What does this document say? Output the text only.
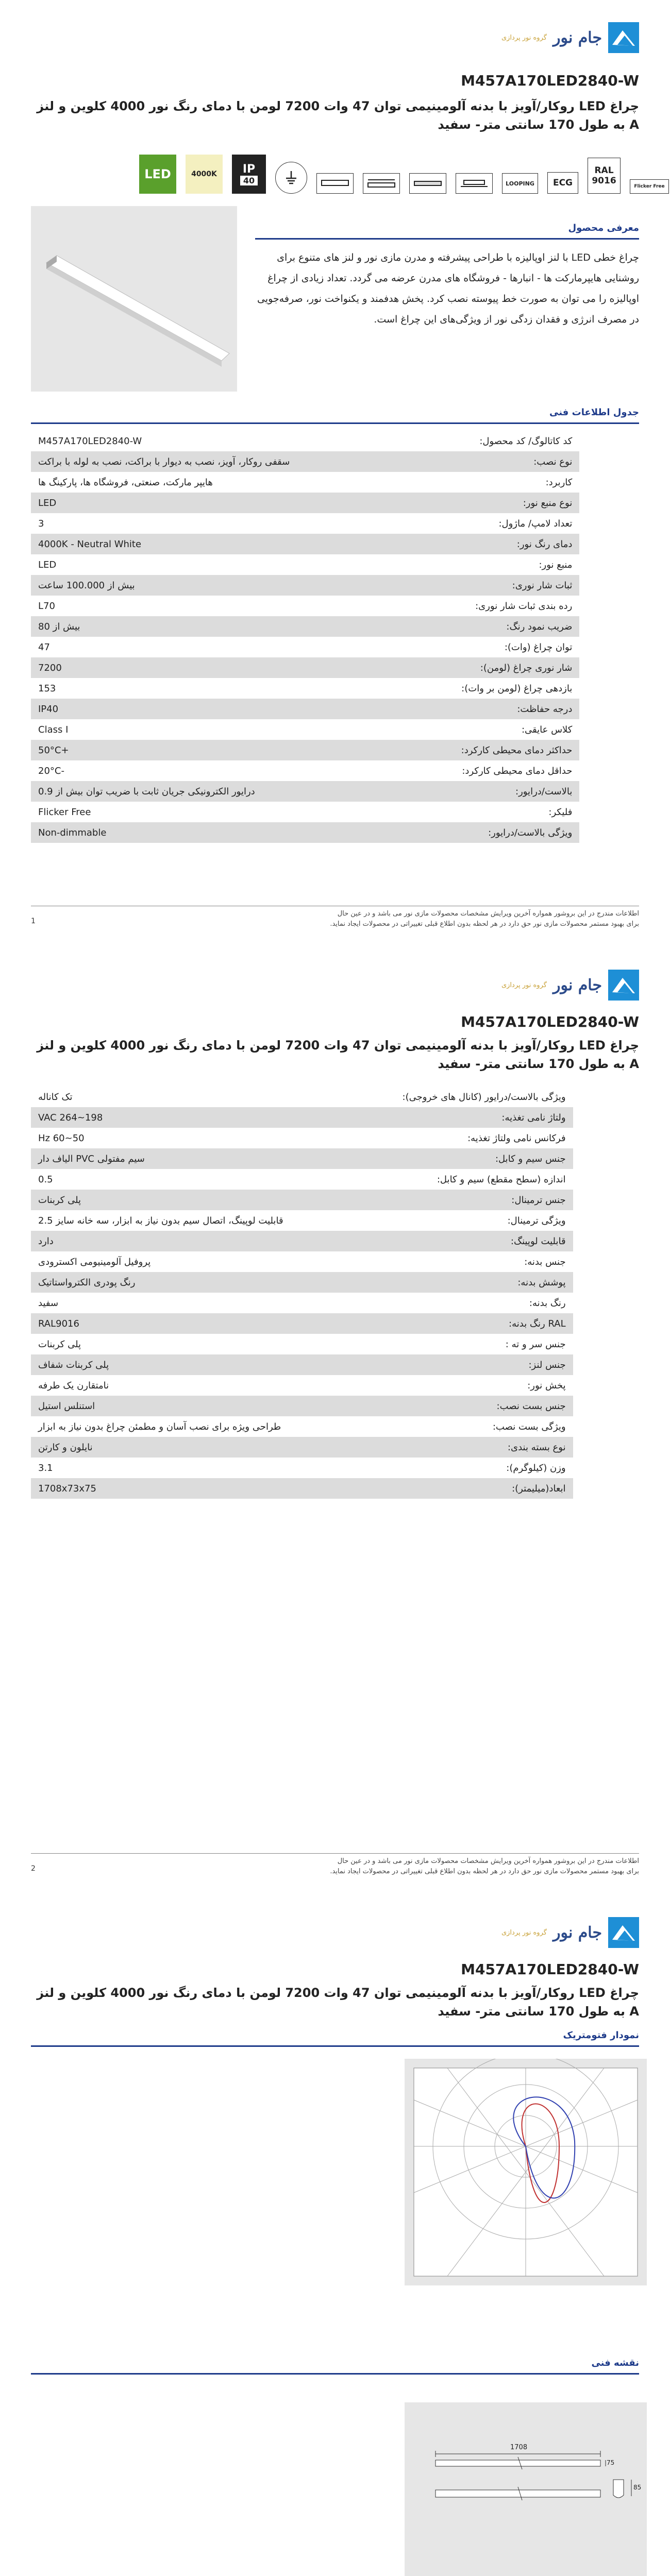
گروه نور پردازی جام نور
M457A170LED2840-W
چراغ LED روکار/آویز با بدنه آلومینیمی توان 47 وات 7200 لومن با دمای رنگ نور 4000 کلوین و لنز A به طول 170 سانتی متر- سفید
LED	4000K	IP
40	LOOPING	ECG
RAL
9016
Flicker Free
معرفی محصول
چراغ خطی LED با لنز اوپالیزه با طراحی پیشرفته و مدرن مازی نور و لنز های متنوع برای روشنایی هایپرمارکت ها - انبارها - فروشگاه های مدرن عرضه می گردد. تعداد زیادی از چراغ اوپالیزه را می توان به صورت خط پیوسته نصب کرد. پخش هدفمند و یکنواخت نور، صرفه‌جویی در مصرف انرژی و فقدان زدگی نور از ویژگی‌های این چراغ است.
جدول اطلاعات فنی
کد کاتالوگ/ کد محصول:	M457A170LED2840-W
نوع نصب:	سقفی روکار، آویز، نصب به دیوار با براکت، نصب به لوله با براکت
کاربرد:	هایپر مارکت، صنعتی، فروشگاه ها، پارکینگ ها
نوع منبع نور:	LED
تعداد لامپ/ ماژول:	3
دمای رنگ نور:	4000K - Neutral White
منبع نور:	LED
ثبات شار نوری:	بیش از 100.000 ساعت
رده بندی ثبات شار نوری:	L70
ضریب نمود رنگ:	بیش از 80
توان چراغ (وات):	47
شار نوری چراغ (لومن):	7200
بازدهی چراغ (لومن بر وات):	153
درجه حفاظت:	IP40
کلاس عایقی:	Class I
حداکثر دمای محیطی کارکرد:	+50°C
حداقل دمای محیطی کارکرد:	-20°C
بالاست/درایور:	درایور الکترونیکی جریان ثابت با ضریب توان بیش از 0.9
فلیکر:	Flicker Free
ویژگی بالاست/درایور:	Non-dimmable
اطلاعات مندرج در این بروشور همواره آخرین ویرایش مشخصات محصولات مازی نور می باشد و در عین حال
برای بهبود مستمر محصولات مازی نور حق دارد در هر لحظه بدون اطلاع قبلی تغییراتی در محصولات ایجاد نماید.
1
گروه نور پردازی جام نور
M457A170LED2840-W
چراغ LED روکار/آویز با بدنه آلومینیمی توان 47 وات 7200 لومن با دمای رنگ نور 4000 کلوین و لنز A به طول 170 سانتی متر- سفید
ویژگی بالاست/درایور (کانال های خروجی):	تک کاناله
ولتاژ نامی تغذیه:	198~264 VAC
فرکانس نامی ولتاژ تغذیه:	50~60 Hz
جنس سیم و کابل:	سیم مفتولی PVC الیاف دار
اندازه (سطح مقطع) سیم و کابل:	0.5
جنس ترمینال:	پلی کربنات
ویژگی ترمینال:	قابلیت لوپینگ، اتصال سیم بدون نیاز به ابزار، سه خانه سایز 2.5
قابلیت لوپینگ:	دارد
جنس بدنه:	پروفیل آلومینیومی اکسترودی
پوشش بدنه:	رنگ پودری الکترواستاتیک
رنگ بدنه:	سفید
RAL رنگ بدنه:	RAL9016
جنس سر و ته :	پلی کربنات
جنس لنز:	پلی کربنات شفاف
پخش نور:	نامتقارن یک طرفه
جنس بست نصب:	استنلس استیل
ویژگی بست نصب:	طراحی ویژه برای نصب آسان و مطمئن چراغ بدون نیاز به ابزار
نوع بسته بندی:	نایلون و کارتن
وزن (کیلوگرم):	3.1
ابعاد(میلیمتر):	1708x73x75
اطلاعات مندرج در این بروشور همواره آخرین ویرایش مشخصات محصولات مازی نور می باشد و در عین حال
برای بهبود مستمر محصولات مازی نور حق دارد در هر لحظه بدون اطلاع قبلی تغییراتی در محصولات ایجاد نماید.
2
گروه نور پردازی جام نور
M457A170LED2840-W
چراغ LED روکار/آویز با بدنه آلومینیمی توان 47 وات 7200 لومن با دمای رنگ نور 4000 کلوین و لنز A به طول 170 سانتی متر- سفید
نمودار فتومتریک
نقشه فنی
1708
75
85
